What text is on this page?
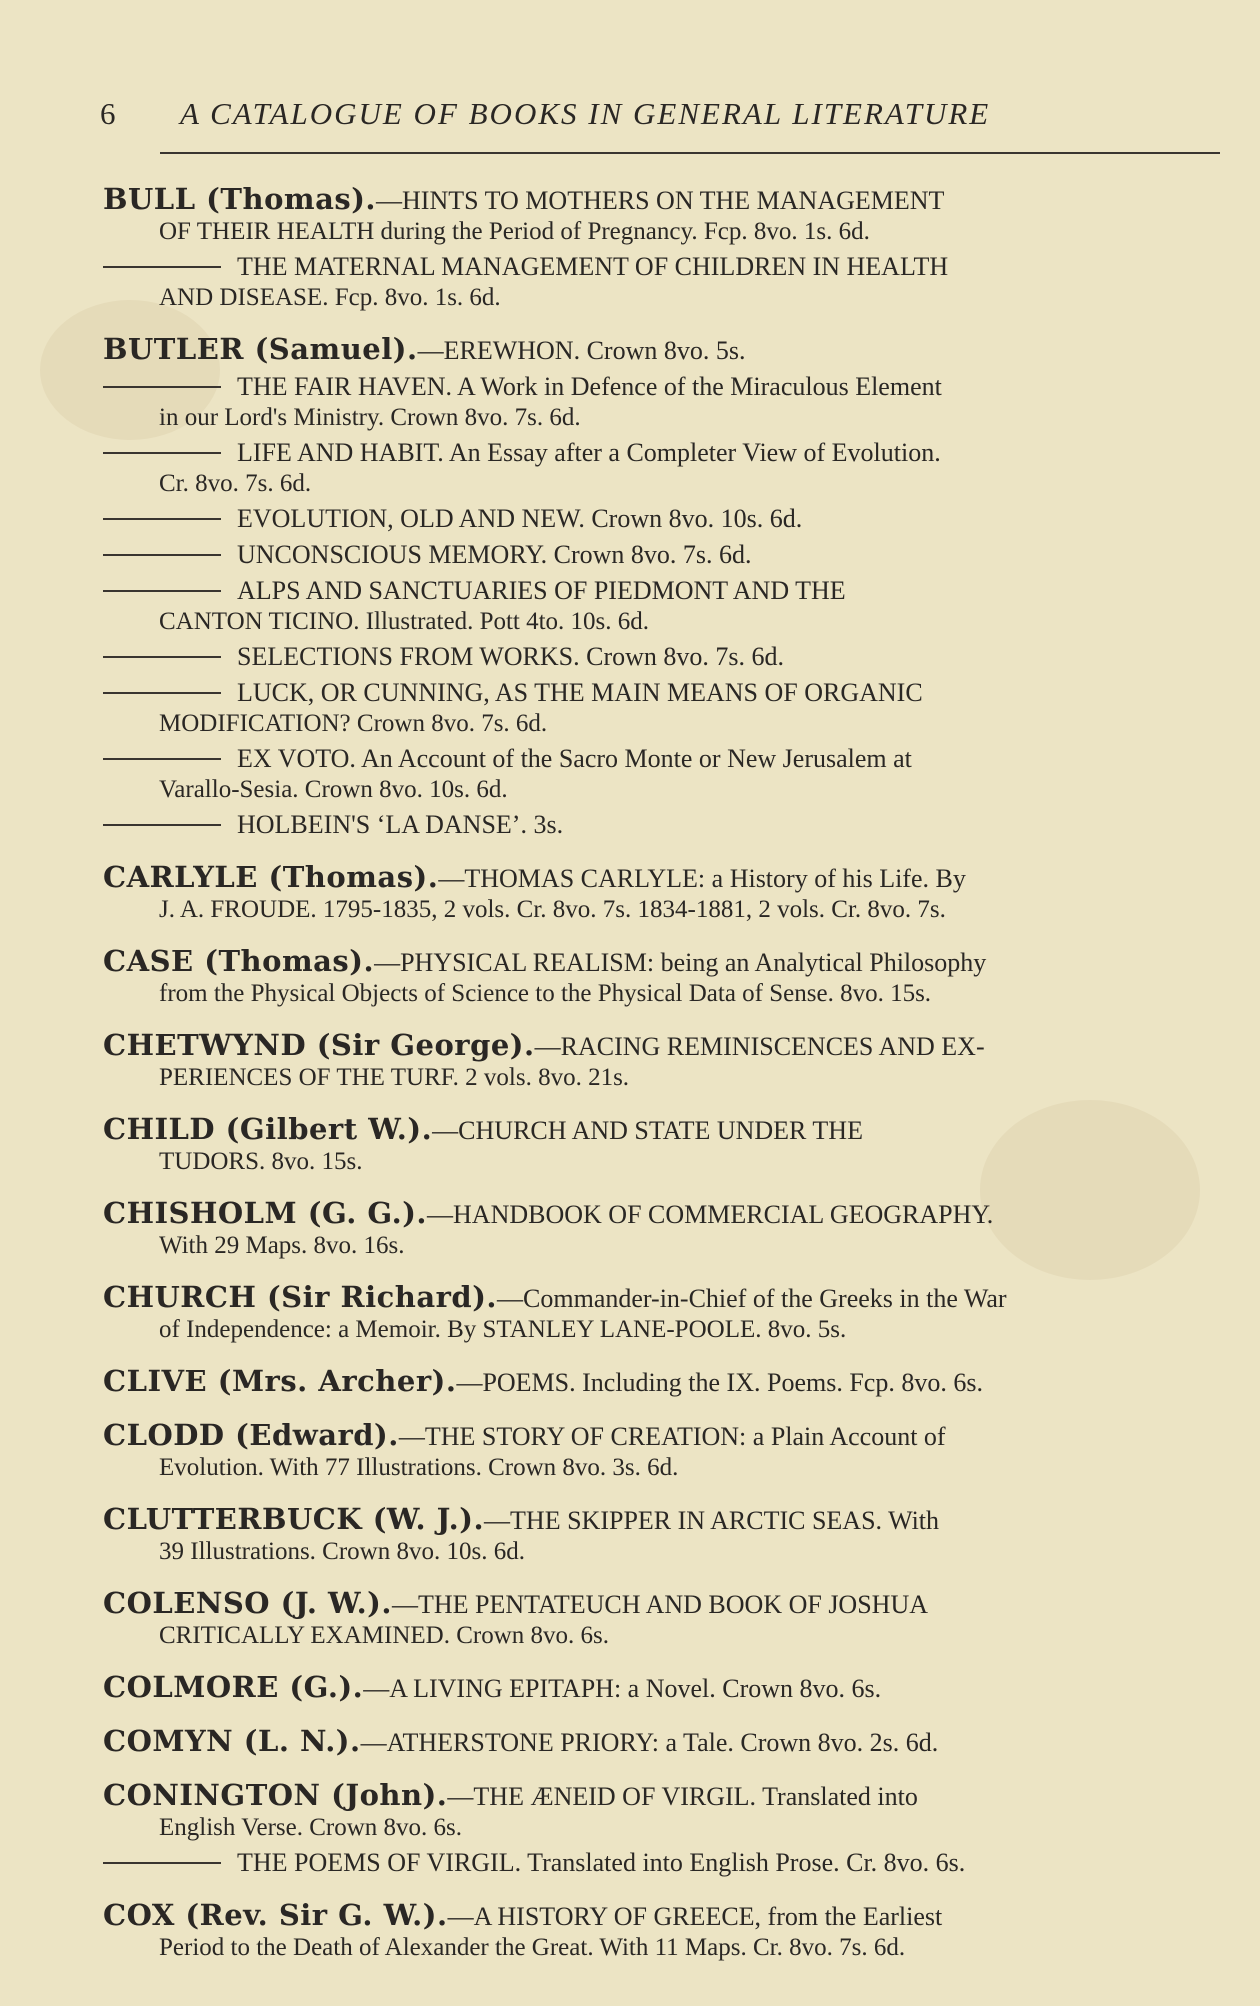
6	A CATALOGUE OF BOOKS IN GENERAL LITERATURE
BULL (Thomas).—HINTS TO MOTHERS ON THE MANAGEMENT
OF THEIR HEALTH during the Period of Pregnancy. Fcp. 8vo. 1s. 6d.
THE MATERNAL MANAGEMENT OF CHILDREN IN HEALTH
AND DISEASE. Fcp. 8vo. 1s. 6d.
BUTLER (Samuel).—EREWHON. Crown 8vo. 5s.
THE FAIR HAVEN. A Work in Defence of the Miraculous Element
in our Lord's Ministry. Crown 8vo. 7s. 6d.
LIFE AND HABIT. An Essay after a Completer View of Evolution.
Cr. 8vo. 7s. 6d.
EVOLUTION, OLD AND NEW. Crown 8vo. 10s. 6d.
UNCONSCIOUS MEMORY. Crown 8vo. 7s. 6d.
ALPS AND SANCTUARIES OF PIEDMONT AND THE
CANTON TICINO. Illustrated. Pott 4to. 10s. 6d.
SELECTIONS FROM WORKS. Crown 8vo. 7s. 6d.
LUCK, OR CUNNING, AS THE MAIN MEANS OF ORGANIC
MODIFICATION? Crown 8vo. 7s. 6d.
EX VOTO. An Account of the Sacro Monte or New Jerusalem at
Varallo-Sesia. Crown 8vo. 10s. 6d.
HOLBEIN'S ‘LA DANSE’. 3s.
CARLYLE (Thomas).—THOMAS CARLYLE: a History of his Life. By
J. A. FROUDE. 1795-1835, 2 vols. Cr. 8vo. 7s. 1834-1881, 2 vols. Cr. 8vo. 7s.
CASE (Thomas).—PHYSICAL REALISM: being an Analytical Philosophy
from the Physical Objects of Science to the Physical Data of Sense. 8vo. 15s.
CHETWYND (Sir George).—RACING REMINISCENCES AND EX-
PERIENCES OF THE TURF. 2 vols. 8vo. 21s.
CHILD (Gilbert W.).—CHURCH AND STATE UNDER THE
TUDORS. 8vo. 15s.
CHISHOLM (G. G.).—HANDBOOK OF COMMERCIAL GEOGRAPHY.
With 29 Maps. 8vo. 16s.
CHURCH (Sir Richard).—Commander-in-Chief of the Greeks in the War
of Independence: a Memoir. By STANLEY LANE-POOLE. 8vo. 5s.
CLIVE (Mrs. Archer).—POEMS. Including the IX. Poems. Fcp. 8vo. 6s.
CLODD (Edward).—THE STORY OF CREATION: a Plain Account of
Evolution. With 77 Illustrations. Crown 8vo. 3s. 6d.
CLUTTERBUCK (W. J.).—THE SKIPPER IN ARCTIC SEAS. With
39 Illustrations. Crown 8vo. 10s. 6d.
COLENSO (J. W.).—THE PENTATEUCH AND BOOK OF JOSHUA
CRITICALLY EXAMINED. Crown 8vo. 6s.
COLMORE (G.).—A LIVING EPITAPH: a Novel. Crown 8vo. 6s.
COMYN (L. N.).—ATHERSTONE PRIORY: a Tale. Crown 8vo. 2s. 6d.
CONINGTON (John).—THE ÆNEID OF VIRGIL. Translated into
English Verse. Crown 8vo. 6s.
THE POEMS OF VIRGIL. Translated into English Prose. Cr. 8vo. 6s.
COX (Rev. Sir G. W.).—A HISTORY OF GREECE, from the Earliest
Period to the Death of Alexander the Great. With 11 Maps. Cr. 8vo. 7s. 6d.
